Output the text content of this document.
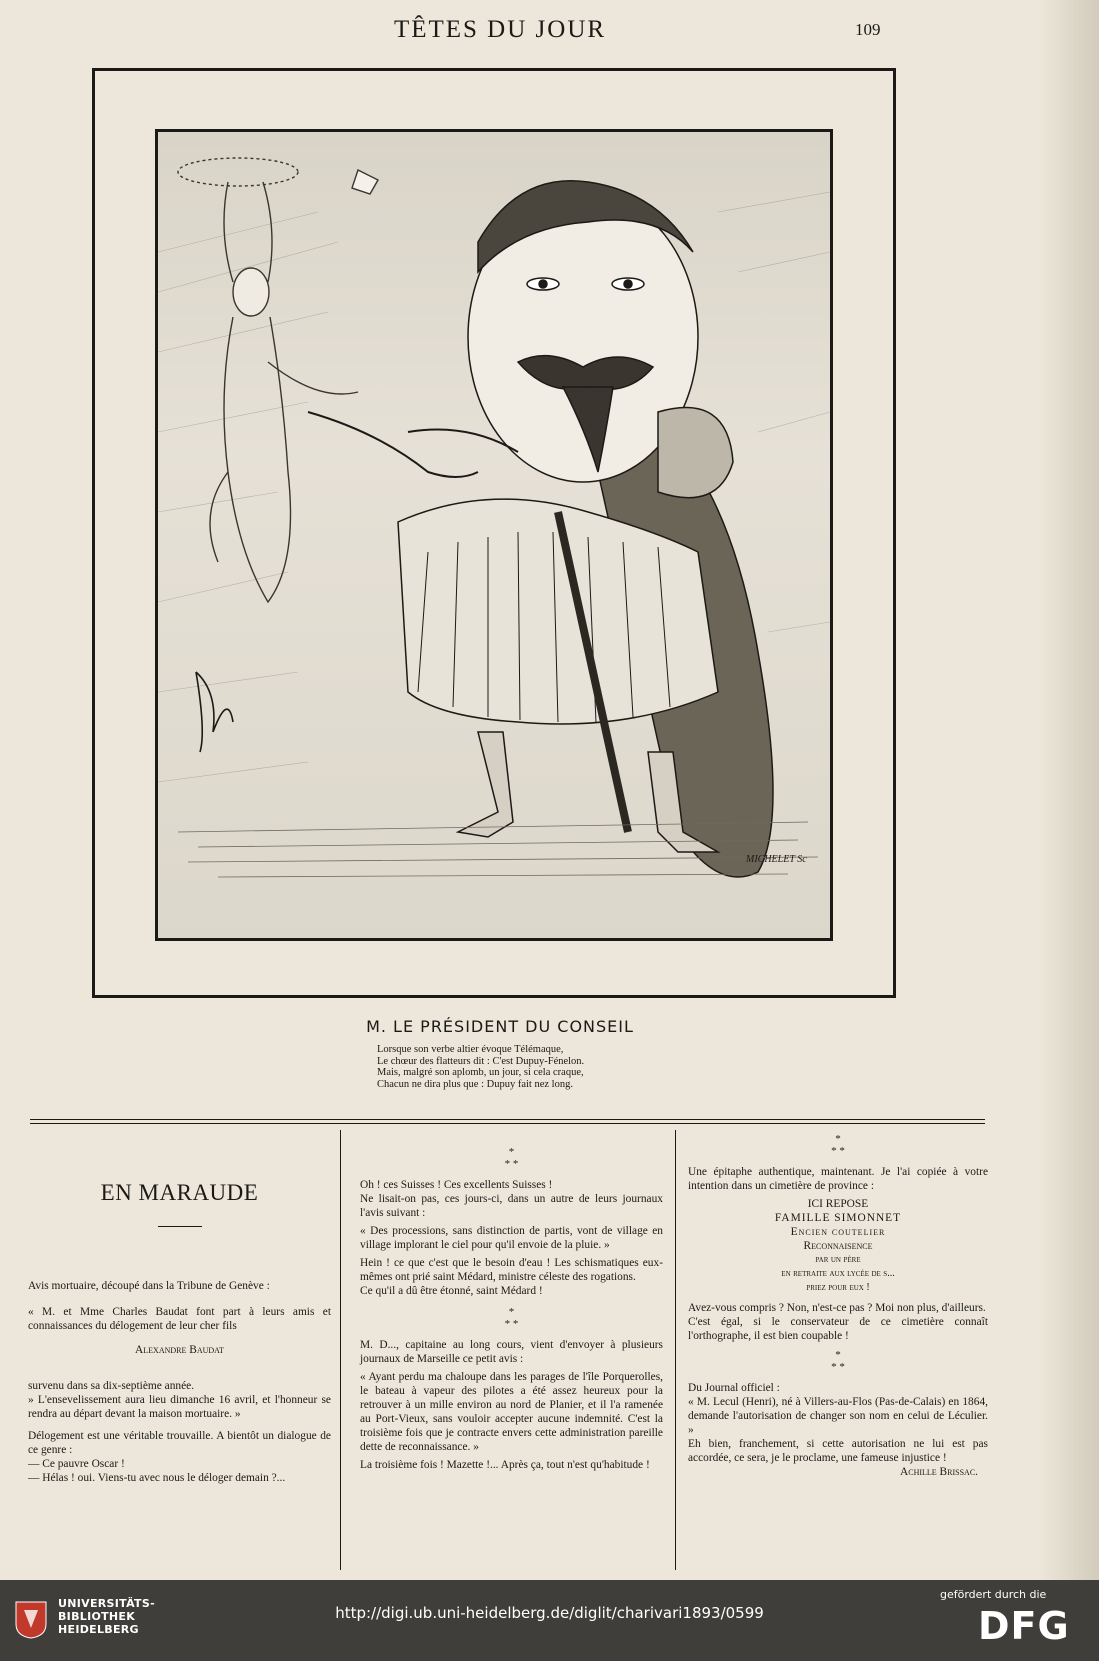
TÊTES DU JOUR	109
MICHELET Sc
M. LE PRÉSIDENT DU CONSEIL
Lorsque son verbe altier évoque Télémaque,
Le chœur des flatteurs dit : C'est Dupuy-Fénelon.
Mais, malgré son aplomb, un jour, si cela craque,
Chacun ne dira plus que : Dupuy fait nez long.

EN MARAUDE

Avis mortuaire, découpé dans la Tribune de Genève :

« M. et Mme Charles Baudat font part à leurs amis et connaissances du délogement de leur cher fils

Alexandre Baudat

survenu dans sa dix-septième année.

» L'ensevelissement aura lieu dimanche 16 avril, et l'honneur se rendra au départ devant la maison mortuaire. »

Délogement est une véritable trouvaille. A bientôt un dialogue de ce genre :

— Ce pauvre Oscar !

— Hélas ! oui. Viens-tu avec nous le déloger demain ?...

*
* *

Oh ! ces Suisses ! Ces excellents Suisses !

Ne lisait-on pas, ces jours-ci, dans un autre de leurs journaux l'avis suivant :

« Des processions, sans distinction de partis, vont de village en village implorant le ciel pour qu'il envoie de la pluie. »

Hein ! ce que c'est que le besoin d'eau ! Les schismatiques eux-mêmes ont prié saint Médard, ministre céleste des rogations.

Ce qu'il a dû être étonné, saint Médard !

*
* *

M. D..., capitaine au long cours, vient d'envoyer à plusieurs journaux de Marseille ce petit avis :

« Ayant perdu ma chaloupe dans les parages de l'île Porquerolles, le bateau à vapeur des pilotes a été assez heureux pour la retrouver à un mille environ au nord de Planier, et il l'a ramenée au Port-Vieux, sans vouloir accepter aucune indemnité. C'est la troisième fois que je contracte envers cette administration pareille dette de reconnaissance. »

La troisième fois ! Mazette !... Après ça, tout n'est qu'habitude !

*
* *

Une épitaphe authentique, maintenant. Je l'ai copiée à votre intention dans un cimetière de province :

ICI REPOSE

FAMILLE SIMONNET

Encien coutelier

Reconnaisence

par un père

en retraite aux lycée de s...

priez pour eux !

Avez-vous compris ? Non, n'est-ce pas ? Moi non plus, d'ailleurs.

C'est égal, si le conservateur de ce cimetière connaît l'orthographe, il est bien coupable !

*
* *

Du Journal officiel :

« M. Lecul (Henri), né à Villers-au-Flos (Pas-de-Calais) en 1864, demande l'autorisation de changer son nom en celui de Léculier. »

Eh bien, franchement, si cette autorisation ne lui est pas accordée, ce sera, je le proclame, une fameuse injustice !

Achille Brissac.

UNIVERSITÄTS-
BIBLIOTHEK
HEIDELBERG
http://digi.ub.uni-heidelberg.de/diglit/charivari1893/0599
gefördert durch die
DFG
